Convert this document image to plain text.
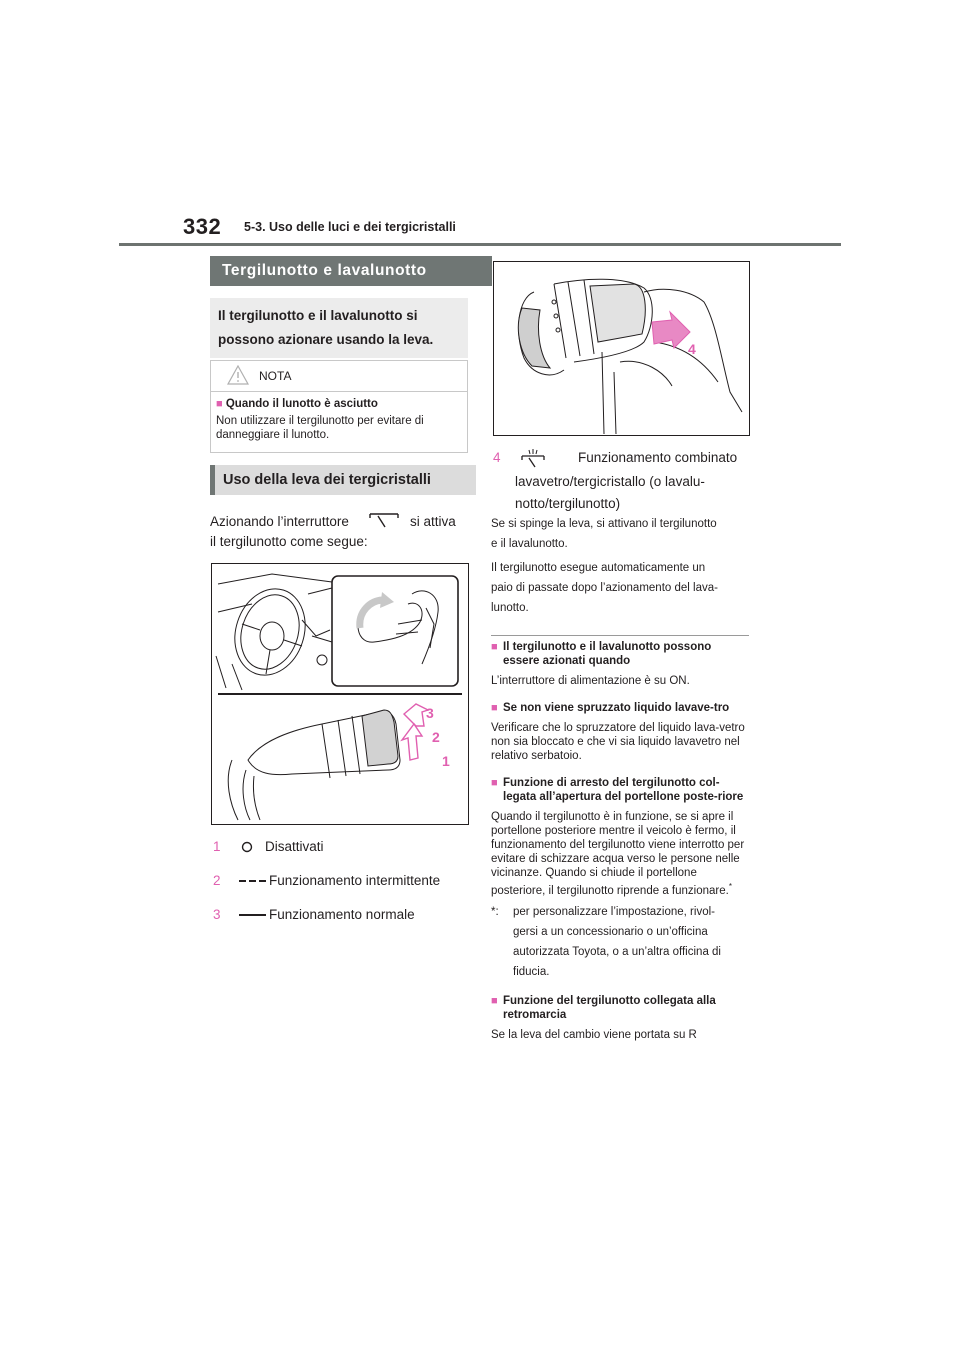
332 5-3. Uso delle luci e dei tergicristalli
Tergilunotto e lavalunotto
Il tergilunotto e il lavalunotto si possono azionare usando la leva.
NOTA
■ Quando il lunotto è asciutto
Non utilizzare il tergilunotto per evitare di danneggiare il lunotto.
Uso della leva dei tergicristalli
Azionando l’interruttore	si attiva
il tergilunotto come segue:
3
2
1
1	Disattivati
2	Funzionamento intermittente
3	Funzionamento normale
4
4	Funzionamento combinato
lavavetro/tergicristallo (o lavalu-
notto/tergilunotto)
Se si spinge la leva, si attivano il tergilunotto
e il lavalunotto.
Il tergilunotto esegue automaticamente un
paio di passate dopo l’azionamento del lava-
lunotto.
■ Il tergilunotto e il lavalunotto possono essere azionati quando
L’interruttore di alimentazione è su ON.
■ Se non viene spruzzato liquido lavave-tro
Verificare che lo spruzzatore del liquido lava-vetro non sia bloccato e che vi sia liquido lavavetro nel relativo serbatoio.
■ Funzione di arresto del tergilunotto col-legata all’apertura del portellone poste-riore
Quando il tergilunotto è in funzione, se si apre il portellone posteriore mentre il veicolo è fermo, il funzionamento del tergilunotto viene interrotto per evitare di schizzare acqua verso le persone nelle vicinanze. Quando si chiude il portellone posteriore, il tergilunotto riprende a funzionare.*
*:	per personalizzare l’impostazione, rivol-
gersi a un concessionario o un’officina
autorizzata Toyota, o a un’altra officina di
fiducia.
■ Funzione del tergilunotto collegata alla retromarcia
Se la leva del cambio viene portata su R
